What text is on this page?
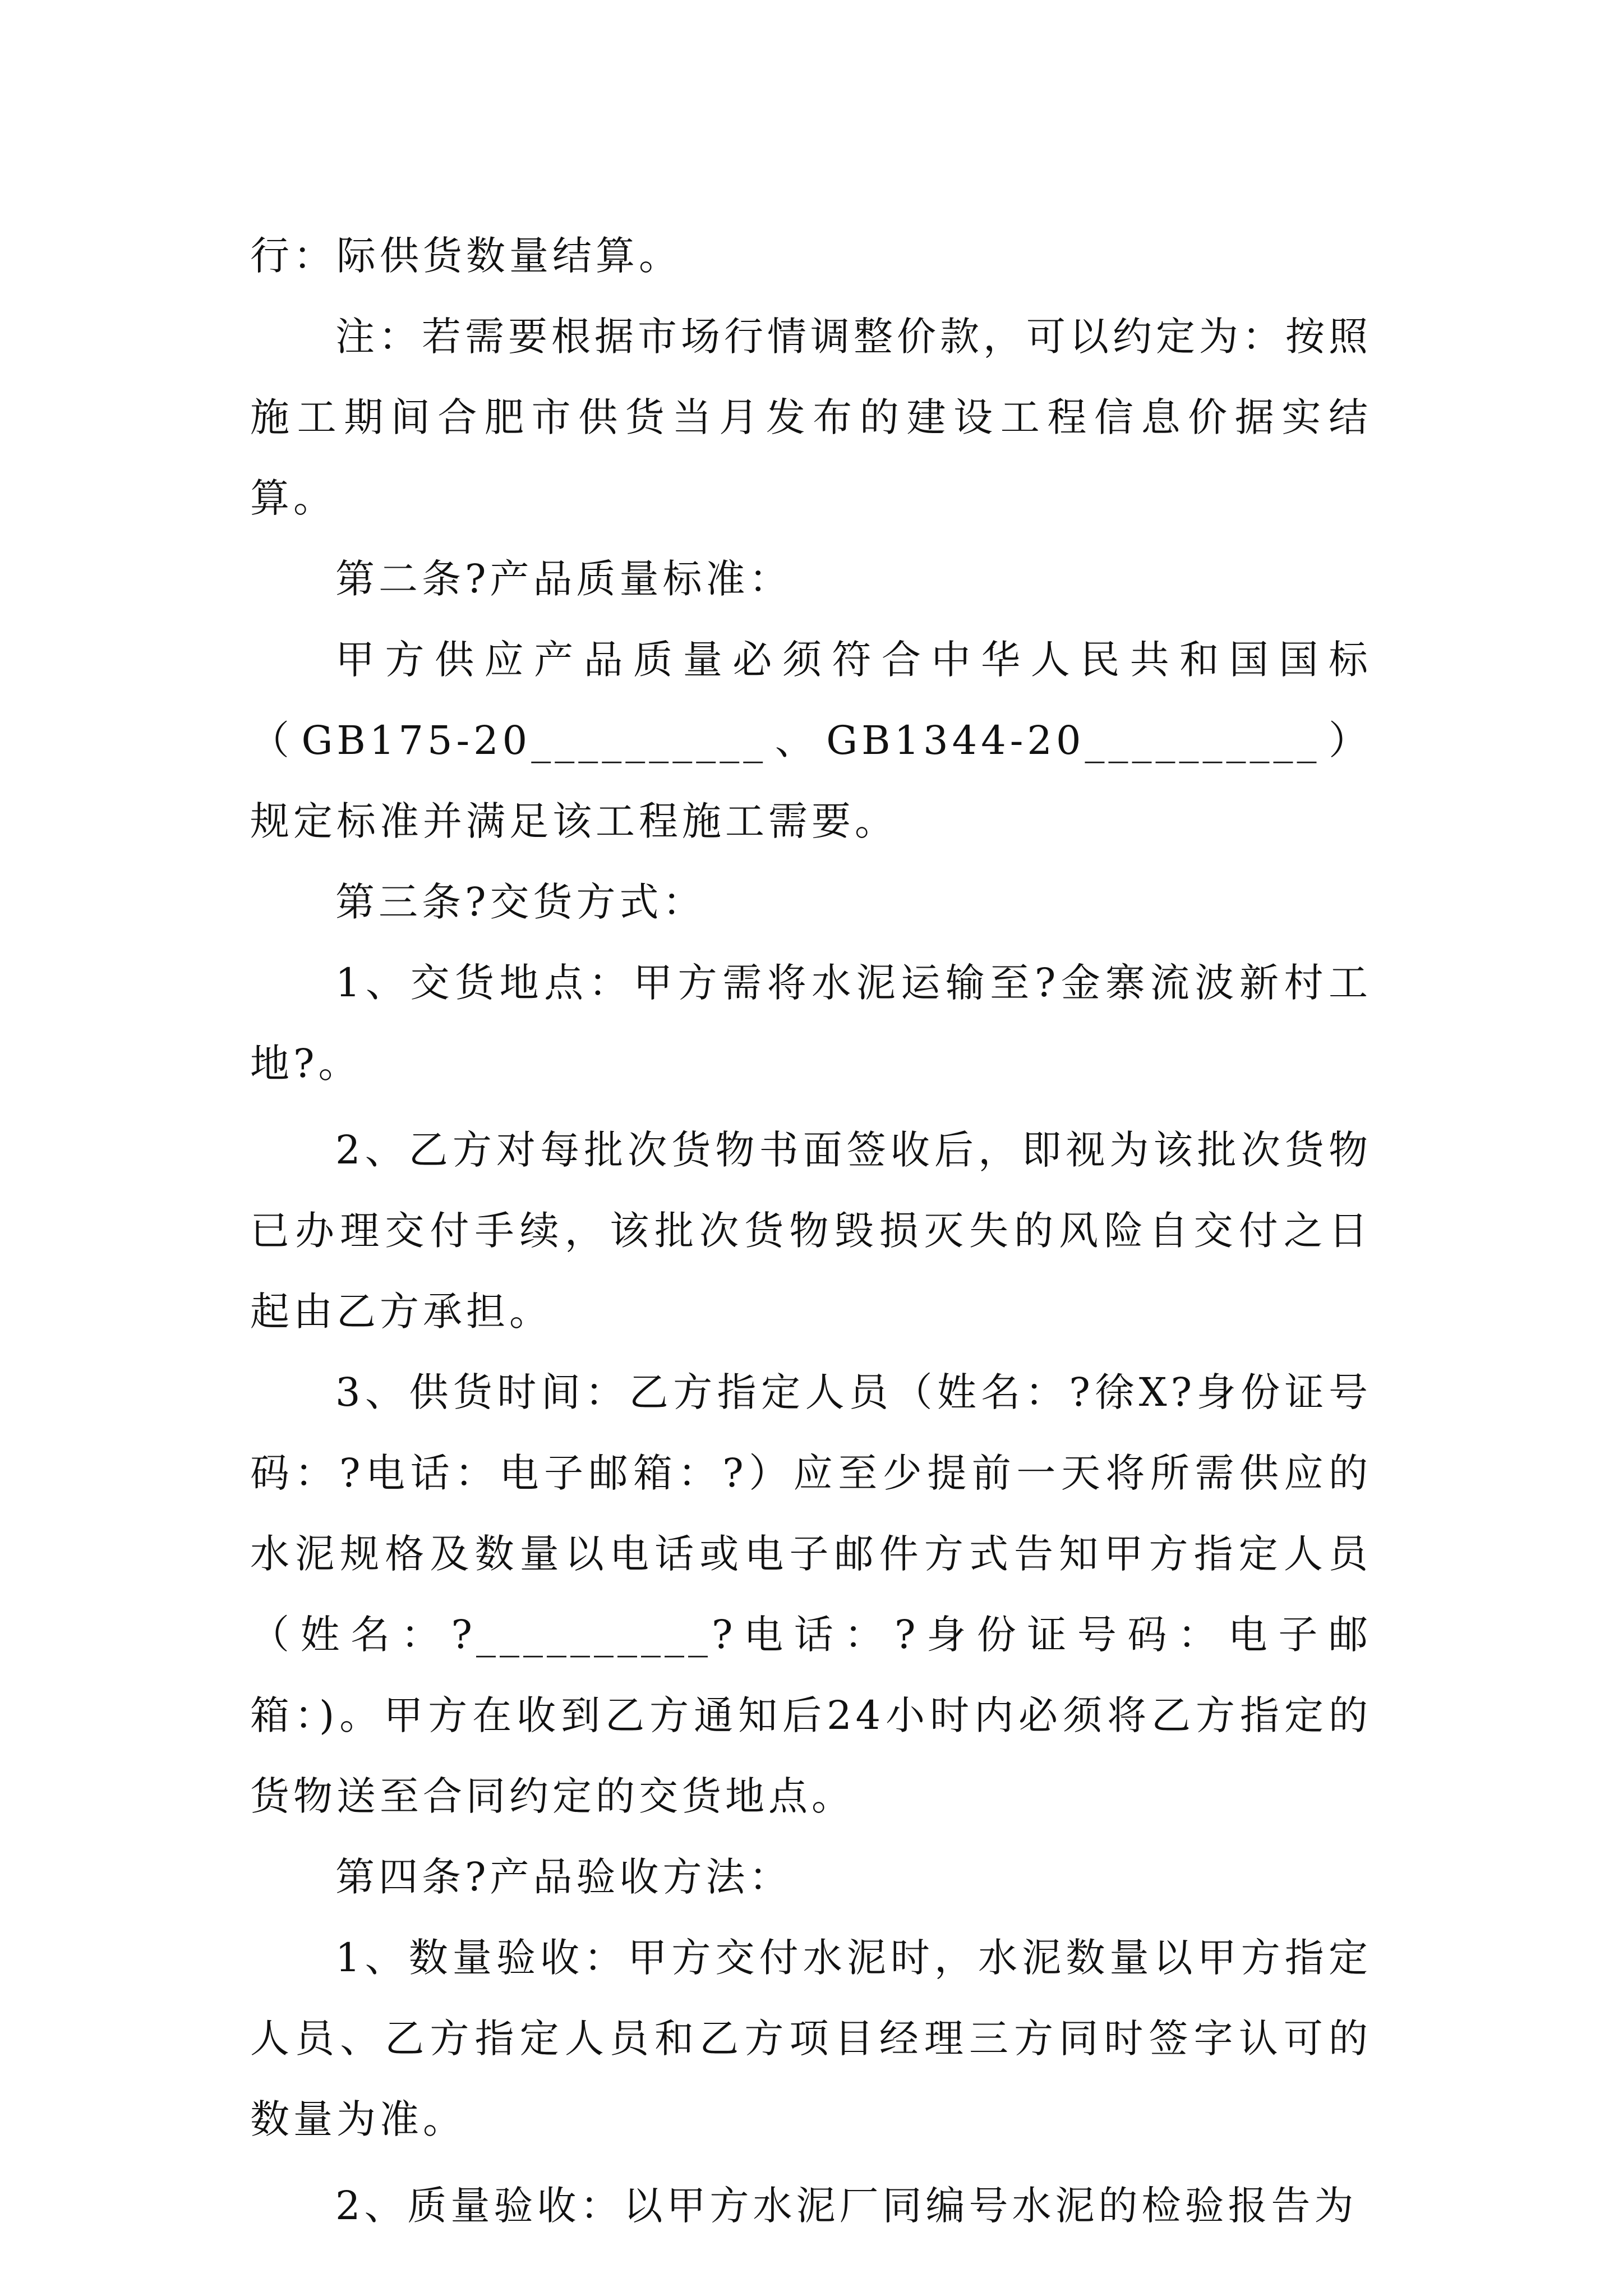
行：际供货数量结算。

注：若需要根据市场行情调整价款，可以约定为：按照施工期间合肥市供货当月发布的建设工程信息价据实结算。

第二条?产品质量标准：

甲方供应产品质量必须符合中华人民共和国国标（GB175-20__________、GB1344-20__________）规定标准并满足该工程施工需要。

第三条?交货方式：

1、交货地点：甲方需将水泥运输至?金寨流波新村工地?。

2、乙方对每批次货物书面签收后，即视为该批次货物已办理交付手续，该批次货物毁损灭失的风险自交付之日起由乙方承担。

3、供货时间：乙方指定人员（姓名：?徐X?身份证号码：?电话：电子邮箱：?）应至少提前一天将所需供应的水泥规格及数量以电话或电子邮件方式告知甲方指定人员（姓名：?__________?电话：?身份证号码：电子邮箱：)。甲方在收到乙方通知后24小时内必须将乙方指定的货物送至合同约定的交货地点。

第四条?产品验收方法：

1、数量验收：甲方交付水泥时，水泥数量以甲方指定人员、乙方指定人员和乙方项目经理三方同时签字认可的数量为准。

2、质量验收：以甲方水泥厂同编号水泥的检验报告为
